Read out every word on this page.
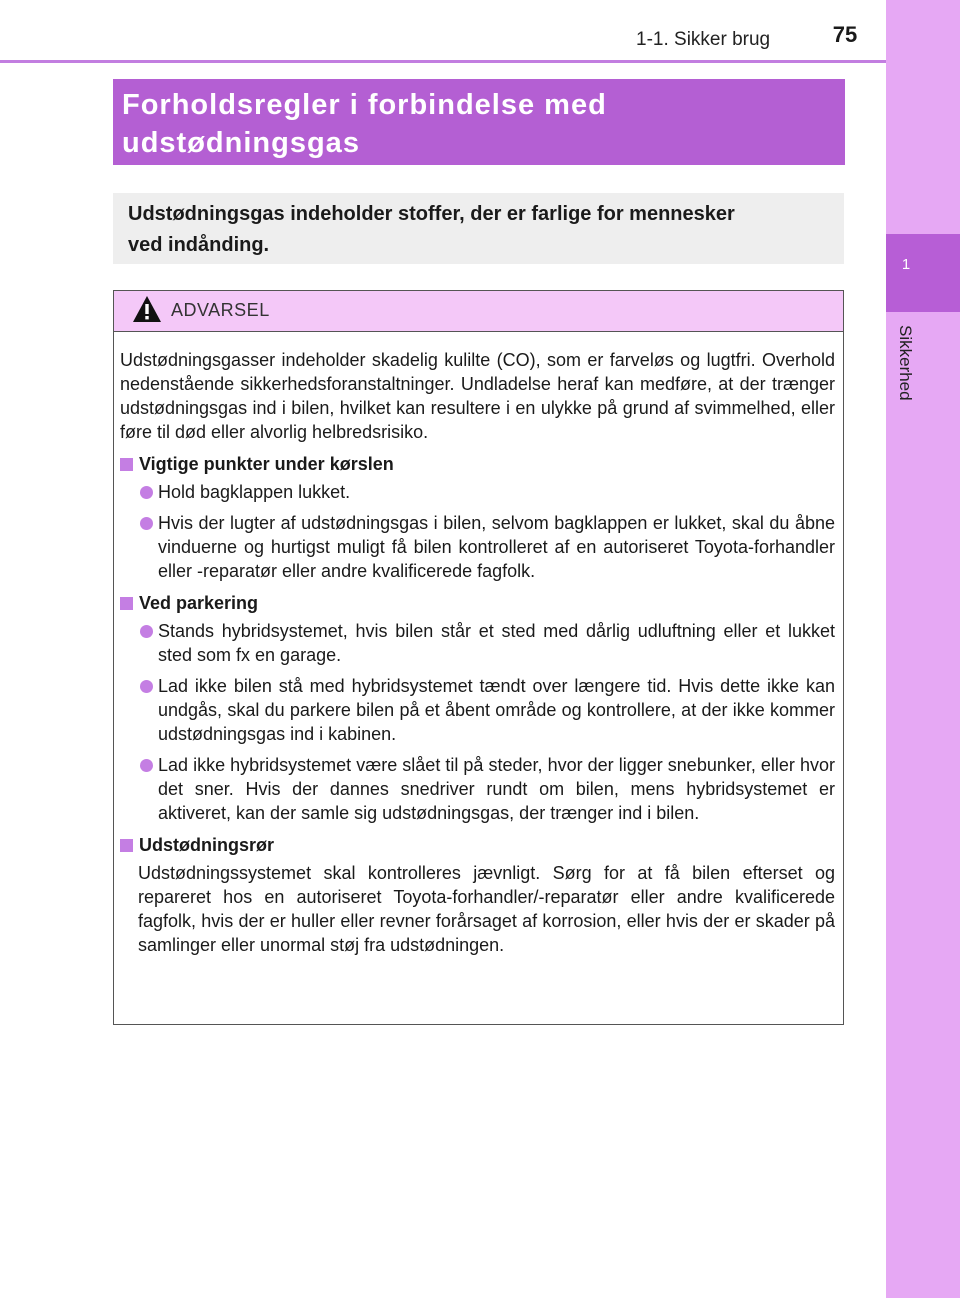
1
Sikkerhed
1-1. Sikker brug	75
Forholdsregler i forbindelse med
udstødningsgas
Udstødningsgas indeholder stoffer, der er farlige for mennesker
ved indånding.
ADVARSEL

Udstødningsgasser indeholder skadelig kulilte (CO), som er farveløs og lugtfri. Overhold nedenstående sikkerhedsforanstaltninger. Undladelse heraf kan medføre, at der trænger udstødningsgas ind i bilen, hvilket kan resultere i en ulykke på grund af svimmelhed, eller føre til død eller alvorlig helbredsrisiko.

Vigtige punkter under kørslen

Hold bagklappen lukket.

Hvis der lugter af udstødningsgas i bilen, selvom bagklappen er lukket, skal du åbne vinduerne og hurtigst muligt få bilen kontrolleret af en autoriseret Toyota-forhandler eller -reparatør eller andre kvalificerede fagfolk.

Ved parkering

Stands hybridsystemet, hvis bilen står et sted med dårlig udluftning eller et lukket sted som fx en garage.

Lad ikke bilen stå med hybridsystemet tændt over længere tid. Hvis dette ikke kan undgås, skal du parkere bilen på et åbent område og kontrollere, at der ikke kommer udstødningsgas ind i kabinen.

Lad ikke hybridsystemet være slået til på steder, hvor der ligger snebunker, eller hvor det sner. Hvis der dannes snedriver rundt om bilen, mens hybridsystemet er aktiveret, kan der samle sig udstødningsgas, der trænger ind i bilen.

Udstødningsrør

Udstødningssystemet skal kontrolleres jævnligt. Sørg for at få bilen efterset og repareret hos en autoriseret Toyota-forhandler/-reparatør eller andre kvalificerede fagfolk, hvis der er huller eller revner forårsaget af korrosion, eller hvis der er skader på samlinger eller unormal støj fra udstødningen.
